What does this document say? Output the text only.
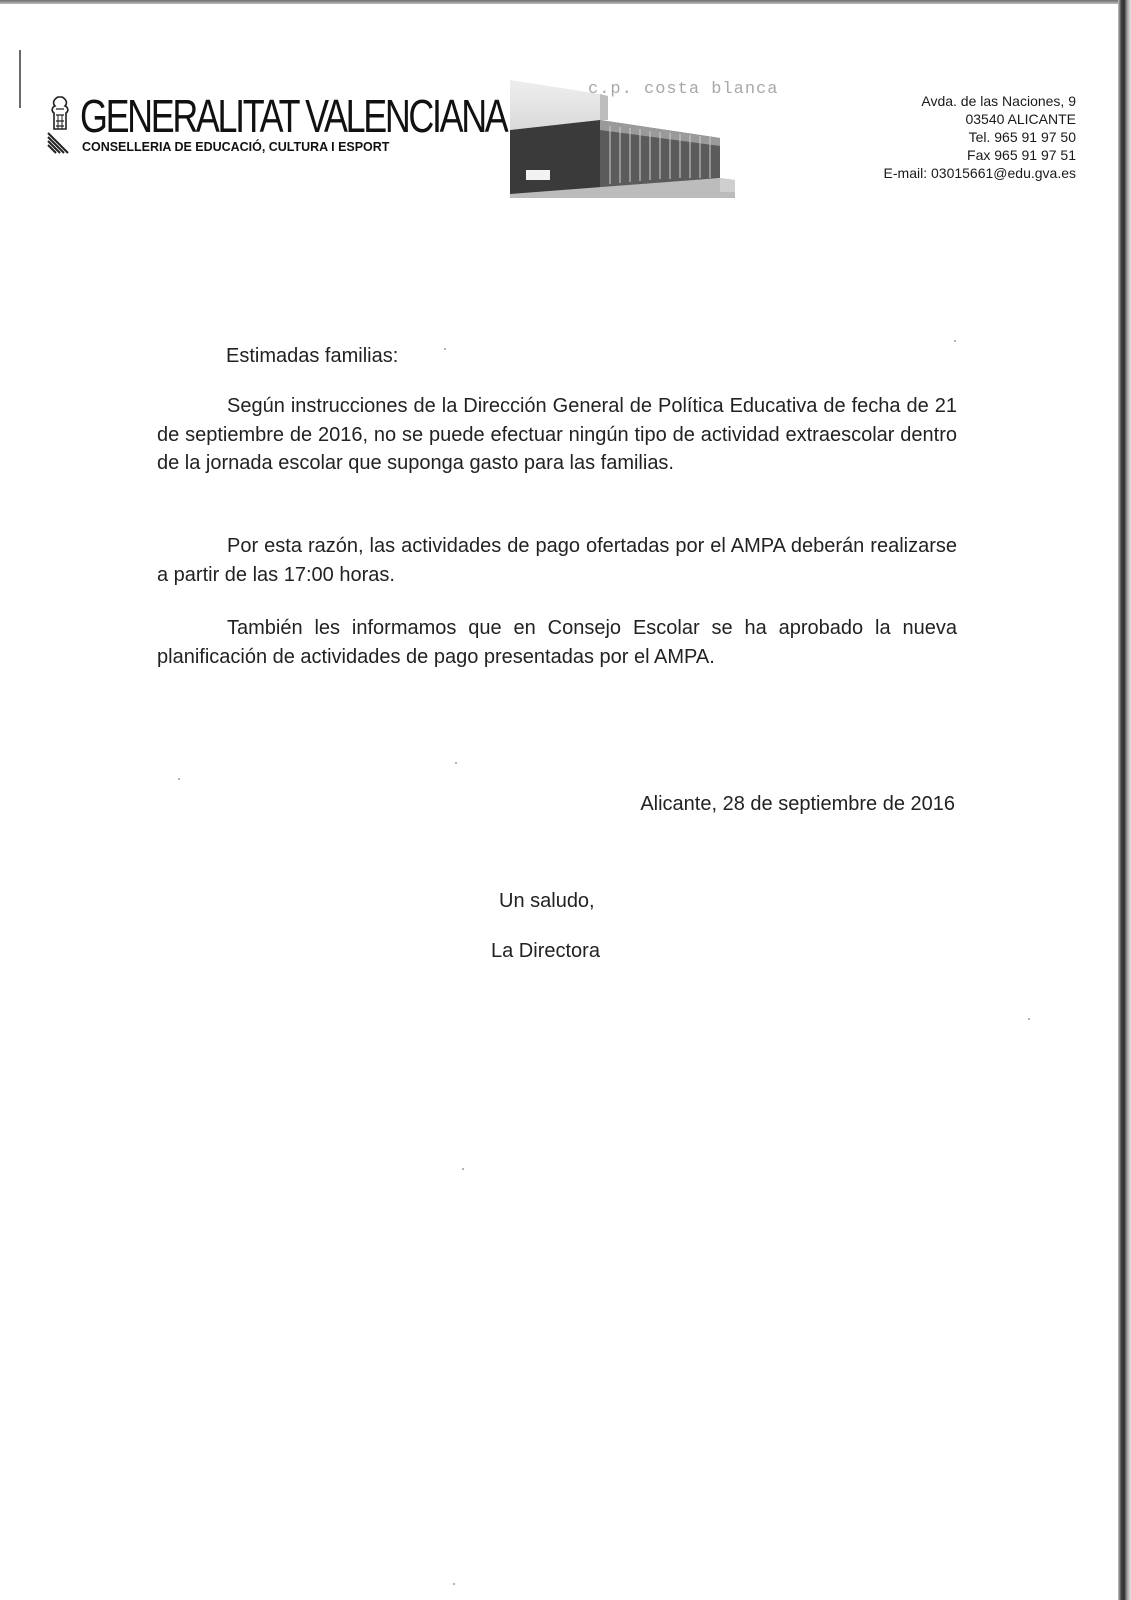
GENERALITAT VALENCIANA
CONSELLERIA DE EDUCACIÓ, CULTURA I ESPORT
c.p. costa blanca
Avda. de las Naciones, 9
03540 ALICANTE
Tel. 965 91 97 50
Fax 965 91 97 51
E-mail: 03015661@edu.gva.es
Estimadas familias:

Según instrucciones de la Dirección General de Política Educativa de fecha de 21 de septiembre de 2016, no se puede efectuar ningún tipo de actividad extraescolar dentro de la jornada escolar que suponga gasto para las familias.

Por esta razón, las actividades de pago ofertadas por el AMPA deberán realizarse a partir de las 17:00 horas.

También les informamos que en Consejo Escolar se ha aprobado la nueva planificación de actividades de pago presentadas por el AMPA.

Alicante, 28 de septiembre de 2016
Un saludo,
La Directora
